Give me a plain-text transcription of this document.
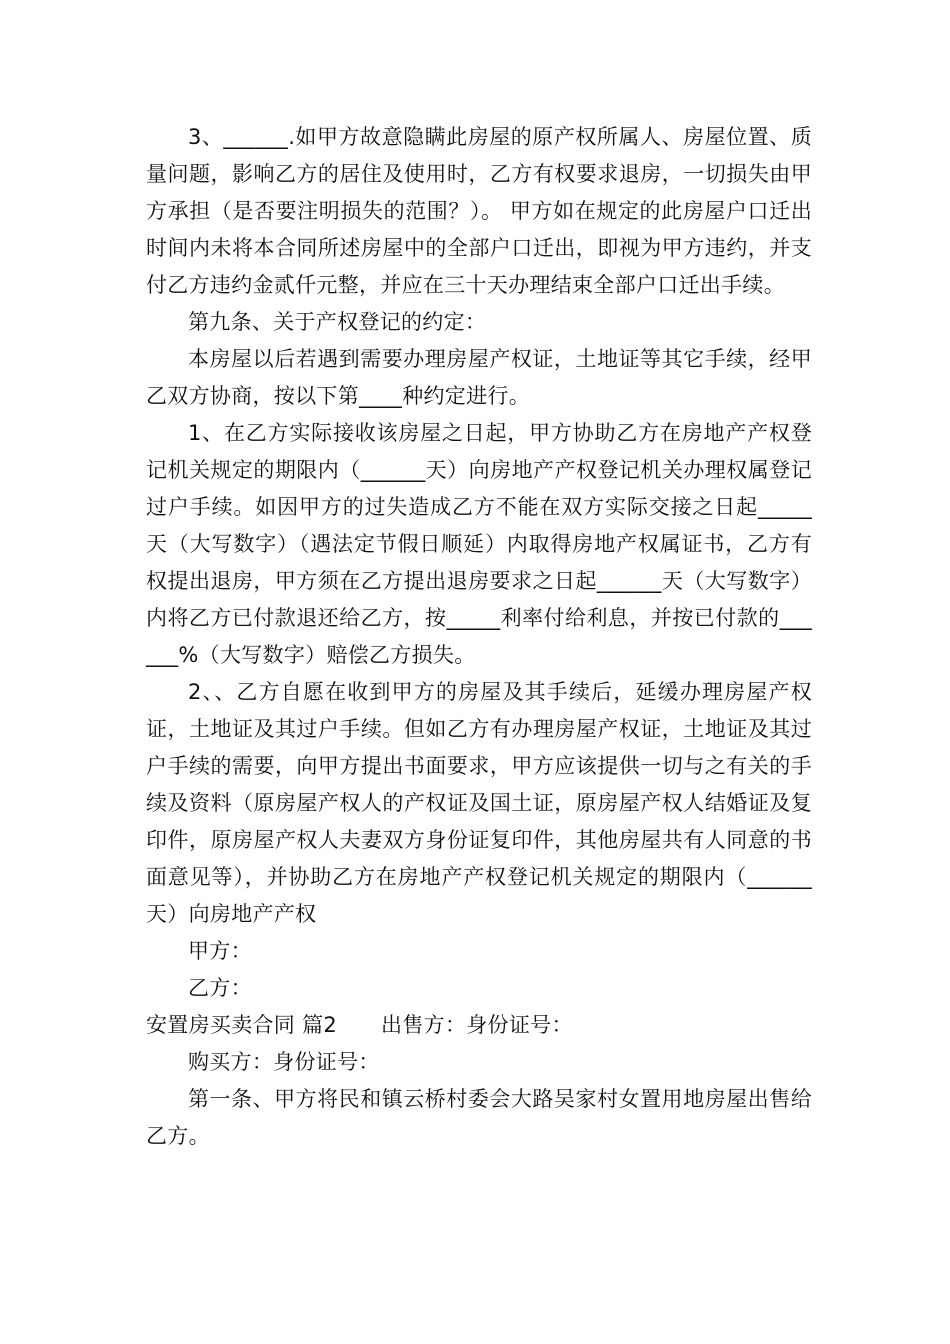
3、______.如甲方故意隐瞒此房屋的原产权所属人、房屋位置、质量问题，影响乙方的居住及使用时，乙方有权要求退房，一切损失由甲方承担（是否要注明损失的范围？）。 甲方如在规定的此房屋户口迁出时间内未将本合同所述房屋中的全部户口迁出，即视为甲方违约，并支付乙方违约金贰仟元整，并应在三十天办理结束全部户口迁出手续。

第九条、关于产权登记的约定：

本房屋以后若遇到需要办理房屋产权证，土地证等其它手续，经甲乙双方协商，按以下第____种约定进行。

1、在乙方实际接收该房屋之日起，甲方协助乙方在房地产产权登记机关规定的期限内（______天）向房地产产权登记机关办理权属登记过户手续。如因甲方的过失造成乙方不能在双方实际交接之日起_____天（大写数字）（遇法定节假日顺延）内取得房地产权属证书，乙方有权提出退房，甲方须在乙方提出退房要求之日起______天（大写数字）内将乙方已付款退还给乙方，按_____利率付给利息，并按已付款的______%（大写数字）赔偿乙方损失。

2、、乙方自愿在收到甲方的房屋及其手续后，延缓办理房屋产权证，土地证及其过户手续。但如乙方有办理房屋产权证，土地证及其过户手续的需要，向甲方提出书面要求，甲方应该提供一切与之有关的手续及资料（原房屋产权人的产权证及国土证，原房屋产权人结婚证及复印件，原房屋产权人夫妻双方身份证复印件，其他房屋共有人同意的书面意见等），并协助乙方在房地产产权登记机关规定的期限内（______天）向房地产产权

甲方：

乙方：

安置房买卖合同 篇2 出售方：身份证号：

购买方：身份证号：

第一条、甲方将民和镇云桥村委会大路吴家村女置用地房屋出售给乙方。
